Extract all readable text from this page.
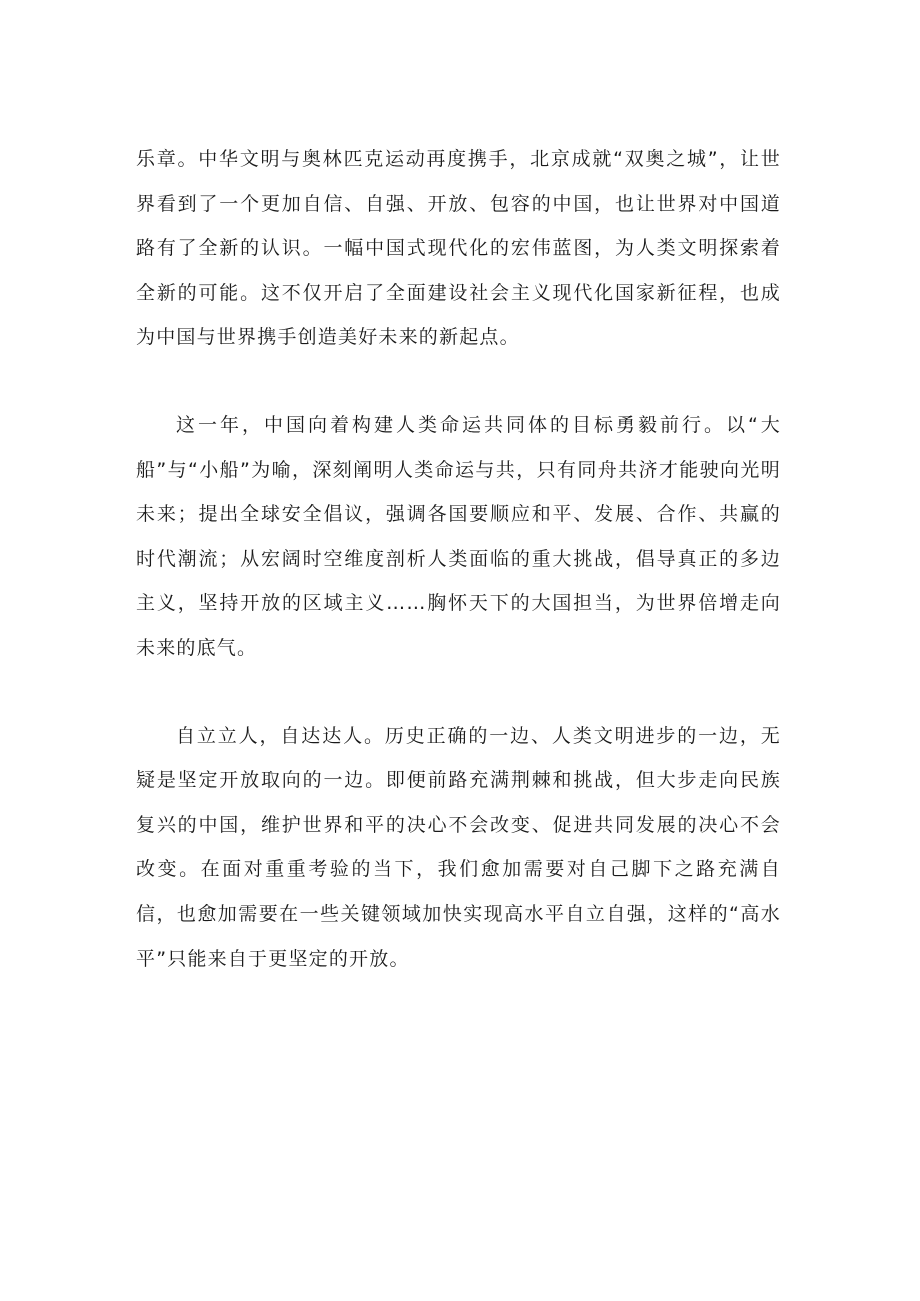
乐章。中华文明与奥林匹克运动再度携手，北京成就“双奥之城”，让世界看到了一个更加自信、自强、开放、包容的中国，也让世界对中国道路有了全新的认识。一幅中国式现代化的宏伟蓝图，为人类文明探索着全新的可能。这不仅开启了全面建设社会主义现代化国家新征程，也成为中国与世界携手创造美好未来的新起点。

这一年，中国向着构建人类命运共同体的目标勇毅前行。以“大船”与“小船”为喻，深刻阐明人类命运与共，只有同舟共济才能驶向光明未来；提出全球安全倡议，强调各国要顺应和平、发展、合作、共赢的时代潮流；从宏阔时空维度剖析人类面临的重大挑战，倡导真正的多边主义，坚持开放的区域主义……胸怀天下的大国担当，为世界倍增走向未来的底气。

自立立人，自达达人。历史正确的一边、人类文明进步的一边，无疑是坚定开放取向的一边。即便前路充满荆棘和挑战，但大步走向民族复兴的中国，维护世界和平的决心不会改变、促进共同发展的决心不会改变。在面对重重考验的当下，我们愈加需要对自己脚下之路充满自信，也愈加需要在一些关键领域加快实现高水平自立自强，这样的“高水平”只能来自于更坚定的开放。
